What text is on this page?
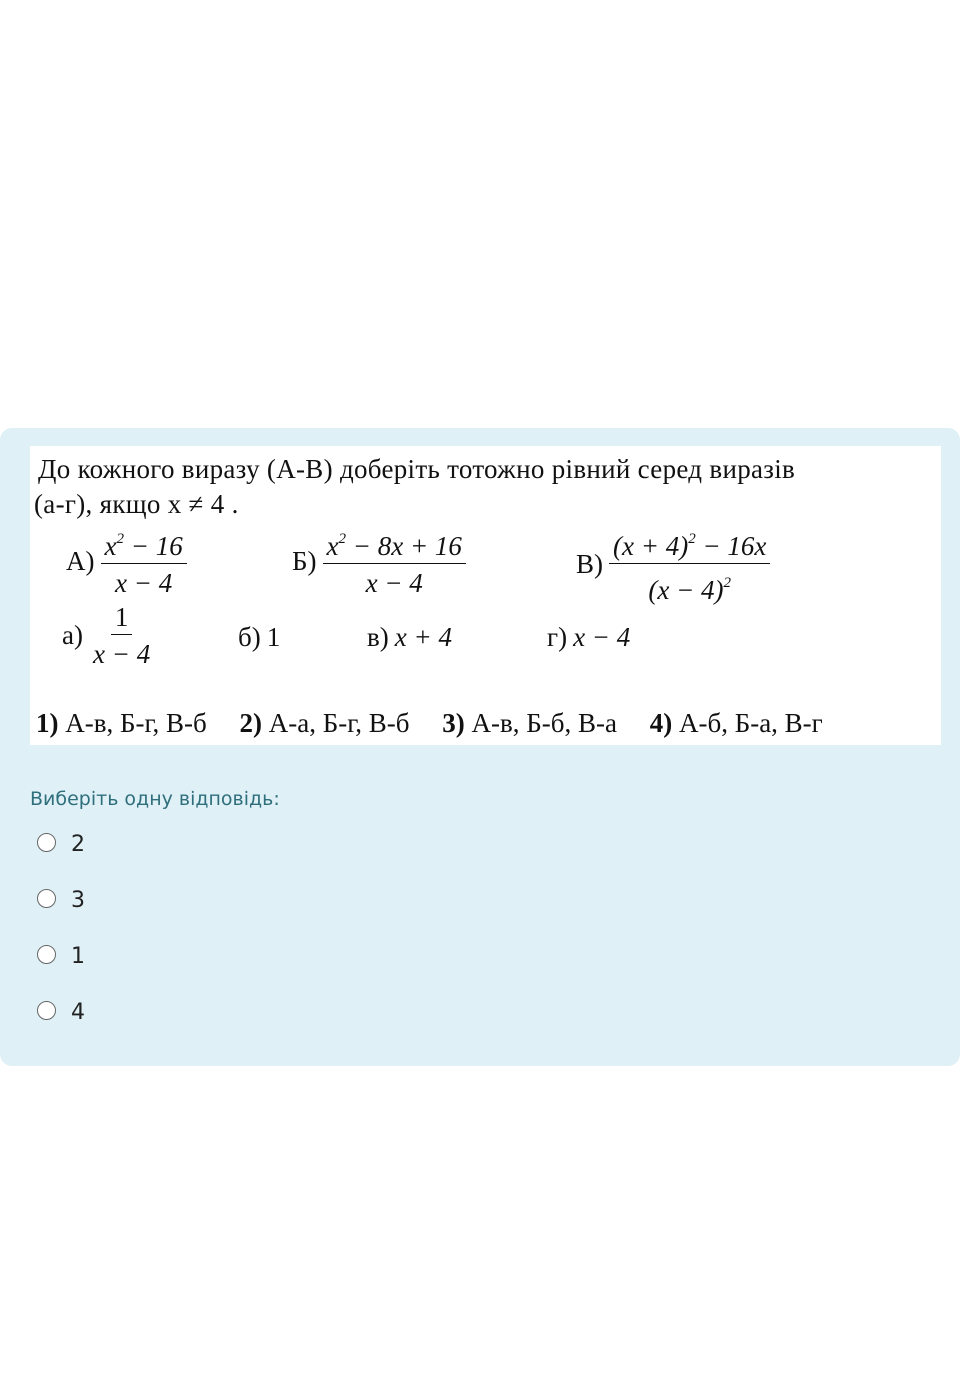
До кожного виразу (А-В) доберіть тотожно рівний серед виразів
(а-г), якщо x ≠ 4 .
$А) \frac{x^2 - 16}{x - 4}$	$Б) \frac{x^2 - 8x + 16}{x - 4}$	$В) \frac{(x + 4)^2 - 16x}{(x - 4)^2}$
$а) \frac{1}{x - 4}$	б) 1	в) x + 4	г) x − 4
1) А-в, Б-г, В-б 2) А-а, Б-г, В-б 3) А-в, Б-б, В-а 4) А-б, Б-а, В-г
Виберіть одну відповідь:
2
3
1
4
